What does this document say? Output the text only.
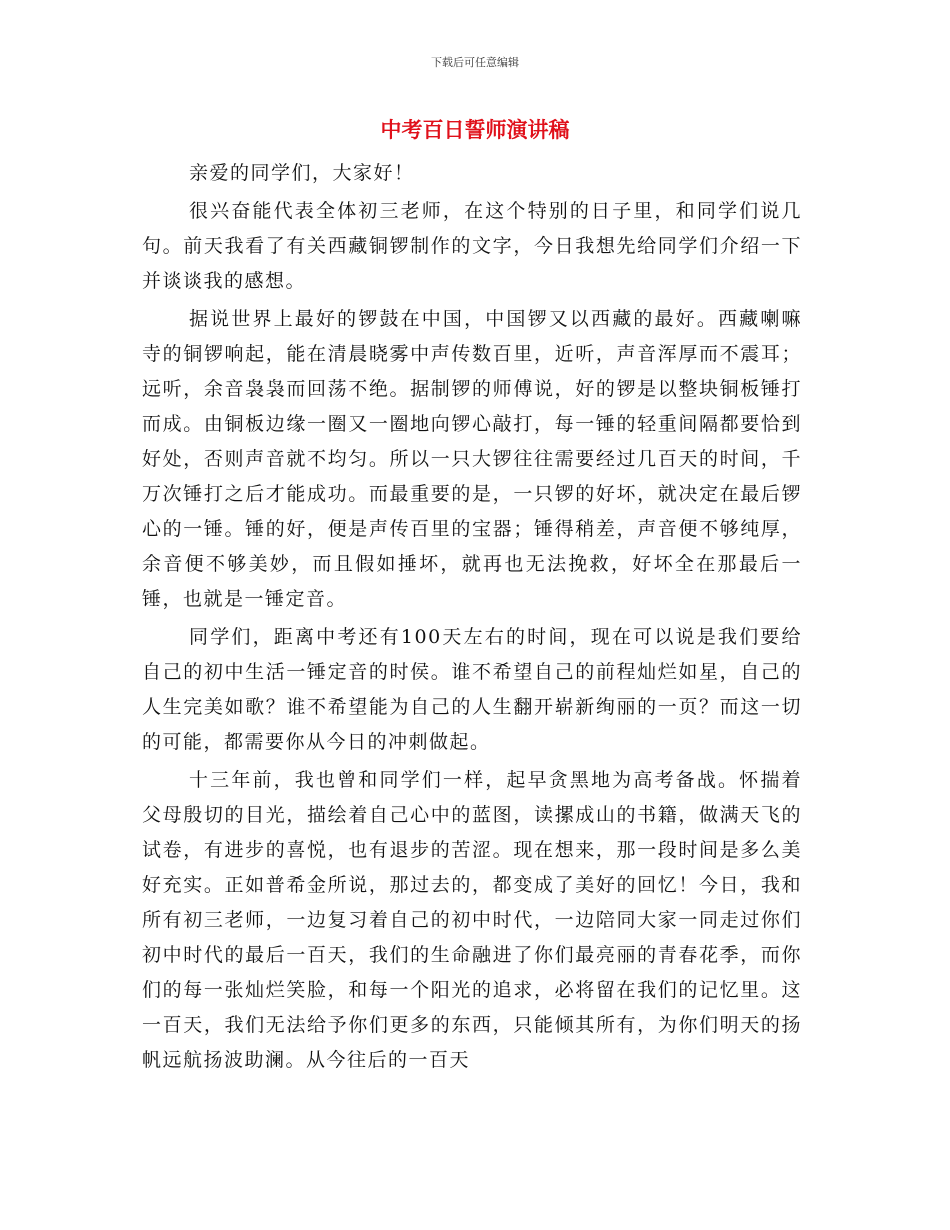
下载后可任意编辑
中考百日誓师演讲稿

亲爱的同学们，大家好！

很兴奋能代表全体初三老师，在这个特别的日子里，和同学们说几句。前天我看了有关西藏铜锣制作的文字，今日我想先给同学们介绍一下并谈谈我的感想。

据说世界上最好的锣鼓在中国，中国锣又以西藏的最好。西藏喇嘛寺的铜锣响起，能在清晨晓雾中声传数百里，近听，声音浑厚而不震耳；远听，余音袅袅而回荡不绝。据制锣的师傅说，好的锣是以整块铜板锤打而成。由铜板边缘一圈又一圈地向锣心敲打，每一锤的轻重间隔都要恰到好处，否则声音就不均匀。所以一只大锣往往需要经过几百天的时间，千万次锤打之后才能成功。而最重要的是，一只锣的好坏，就决定在最后锣心的一锤。锤的好，便是声传百里的宝器；锤得稍差，声音便不够纯厚，余音便不够美妙，而且假如捶坏，就再也无法挽救，好坏全在那最后一锤，也就是一锤定音。

同学们，距离中考还有100天左右的时间，现在可以说是我们要给自己的初中生活一锤定音的时侯。谁不希望自己的前程灿烂如星，自己的人生完美如歌？谁不希望能为自己的人生翻开崭新绚丽的一页？而这一切的可能，都需要你从今日的冲刺做起。

十三年前，我也曾和同学们一样，起早贪黑地为高考备战。怀揣着父母殷切的目光，描绘着自己心中的蓝图，读摞成山的书籍，做满天飞的试卷，有进步的喜悦，也有退步的苦涩。现在想来，那一段时间是多么美好充实。正如普希金所说，那过去的，都变成了美好的回忆！今日，我和所有初三老师，一边复习着自己的初中时代，一边陪同大家一同走过你们初中时代的最后一百天，我们的生命融进了你们最亮丽的青春花季，而你们的每一张灿烂笑脸，和每一个阳光的追求，必将留在我们的记忆里。这一百天，我们无法给予你们更多的东西，只能倾其所有，为你们明天的扬帆远航扬波助澜。从今往后的一百天
